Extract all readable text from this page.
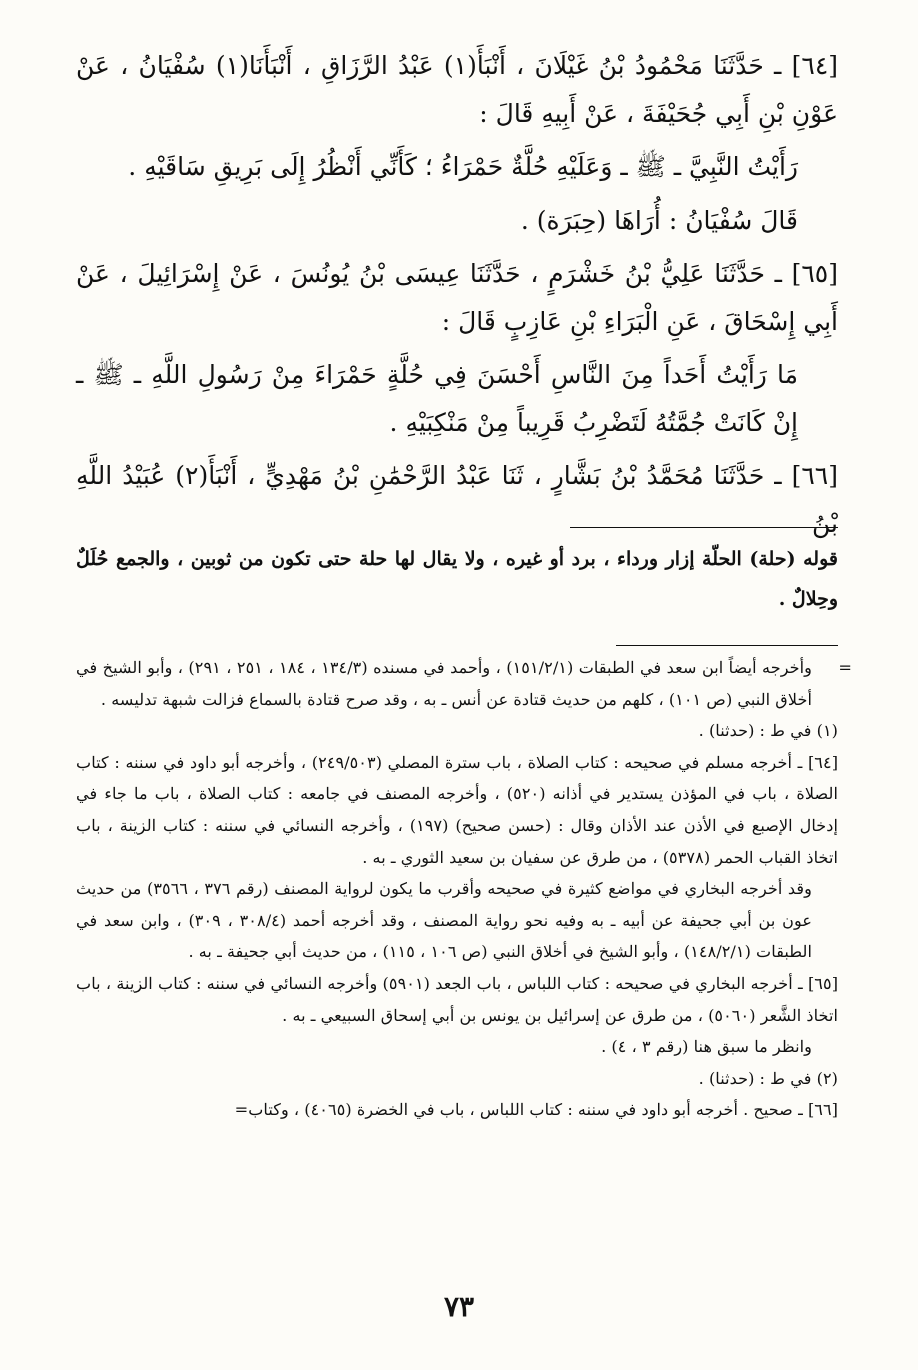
[٦٤] ـ حَدَّثَنَا مَحْمُودُ بْنُ غَيْلَانَ ، أَنْبَأَ(١) عَبْدُ الرَّزَاقِ ، أَنْبَأَنَا(١) سُفْيَانُ ، عَنْ عَوْنِ بْنِ أَبِي جُحَيْفَةَ ، عَنْ أَبِيهِ قَالَ :

رَأَيْتُ النَّبِيَّ ـ ﷺ ـ وَعَلَيْهِ حُلَّةٌ حَمْرَاءُ ؛ كَأَنِّي أَنْظُرُ إِلَى بَرِيقِ سَاقَيْهِ .

قَالَ سُفْيَانُ : أُرَاهَا (حِبَرَة) .

[٦٥] ـ حَدَّثَنَا عَلِيُّ بْنُ خَشْرَمٍ ، حَدَّثَنَا عِيسَى بْنُ يُونُسَ ، عَنْ إِسْرَائِيلَ ، عَنْ أَبِي إِسْحَاقَ ، عَنِ الْبَرَاءِ بْنِ عَازِبٍ قَالَ :

مَا رَأَيْتُ أَحَداً مِنَ النَّاسِ أَحْسَنَ فِي حُلَّةٍ حَمْرَاءَ مِنْ رَسُولِ اللَّهِ ـ ﷺ ـ إِنْ كَانَتْ جُمَّتُهُ لَتَضْرِبُ قَرِيباً مِنْ مَنْكِبَيْهِ .

[٦٦] ـ حَدَّثَنَا مُحَمَّدُ بْنُ بَشَّارٍ ، ثَنَا عَبْدُ الرَّحْمَٰنِ بْنُ مَهْدِيٍّ ، أَنْبَأَ(٢) عُبَيْدُ اللَّهِ بْنُ

قوله (حلة) الحلّة إزار ورداء ، برد أو غيره ، ولا يقال لها حلة حتى تكون من ثوبين ، والجمع حُلَلٌ وحِلالٌ .

=
وأخرجه أيضاً ابن سعد في الطبقات (١٥١/٢/١) ، وأحمد في مسنده (١٣٤/٣ ، ١٨٤ ، ٢٥١ ، ٢٩١) ، وأبو الشيخ في أخلاق النبي (ص ١٠١) ، كلهم من حديث قتادة عن أنس ـ به ، وقد صرح قتادة بالسماع فزالت شبهة تدليسه .

(١) في ط : (حدثنا) .

[٦٤] ـ أخرجه مسلم في صحيحه : كتاب الصلاة ، باب سترة المصلي (٢٤٩/٥٠٣) ، وأخرجه أبو داود في سننه : كتاب الصلاة ، باب في المؤذن يستدير في أذانه (٥٢٠) ، وأخرجه المصنف في جامعه : كتاب الصلاة ، باب ما جاء في إدخال الإصبع في الأذن عند الأذان وقال : (حسن صحيح) (١٩٧) ، وأخرجه النسائي في سننه : كتاب الزينة ، باب اتخاذ القباب الحمر (٥٣٧٨) ، من طرق عن سفيان بن سعيد الثوري ـ به .

وقد أخرجه البخاري في مواضع كثيرة في صحيحه وأقرب ما يكون لرواية المصنف (رقم ٣٧٦ ، ٣٥٦٦) من حديث عون بن أبي جحيفة عن أبيه ـ به وفيه نحو رواية المصنف ، وقد أخرجه أحمد (٣٠٨/٤ ، ٣٠٩) ، وابن سعد في الطبقات (١٤٨/٢/١) ، وأبو الشيخ في أخلاق النبي (ص ١٠٦ ، ١١٥) ، من حديث أبي جحيفة ـ به .

[٦٥] ـ أخرجه البخاري في صحيحه : كتاب اللباس ، باب الجعد (٥٩٠١) وأخرجه النسائي في سننه : كتاب الزينة ، باب اتخاذ الشَّعر (٥٠٦٠) ، من طرق عن إسرائيل بن يونس بن أبي إسحاق السبيعي ـ به .

وانظر ما سبق هنا (رقم ٣ ، ٤) .

(٢) في ط : (حدثنا) .

[٦٦] ـ صحيح . أخرجه أبو داود في سننه : كتاب اللباس ، باب في الخضرة (٤٠٦٥) ، وكتاب=

٧٣
